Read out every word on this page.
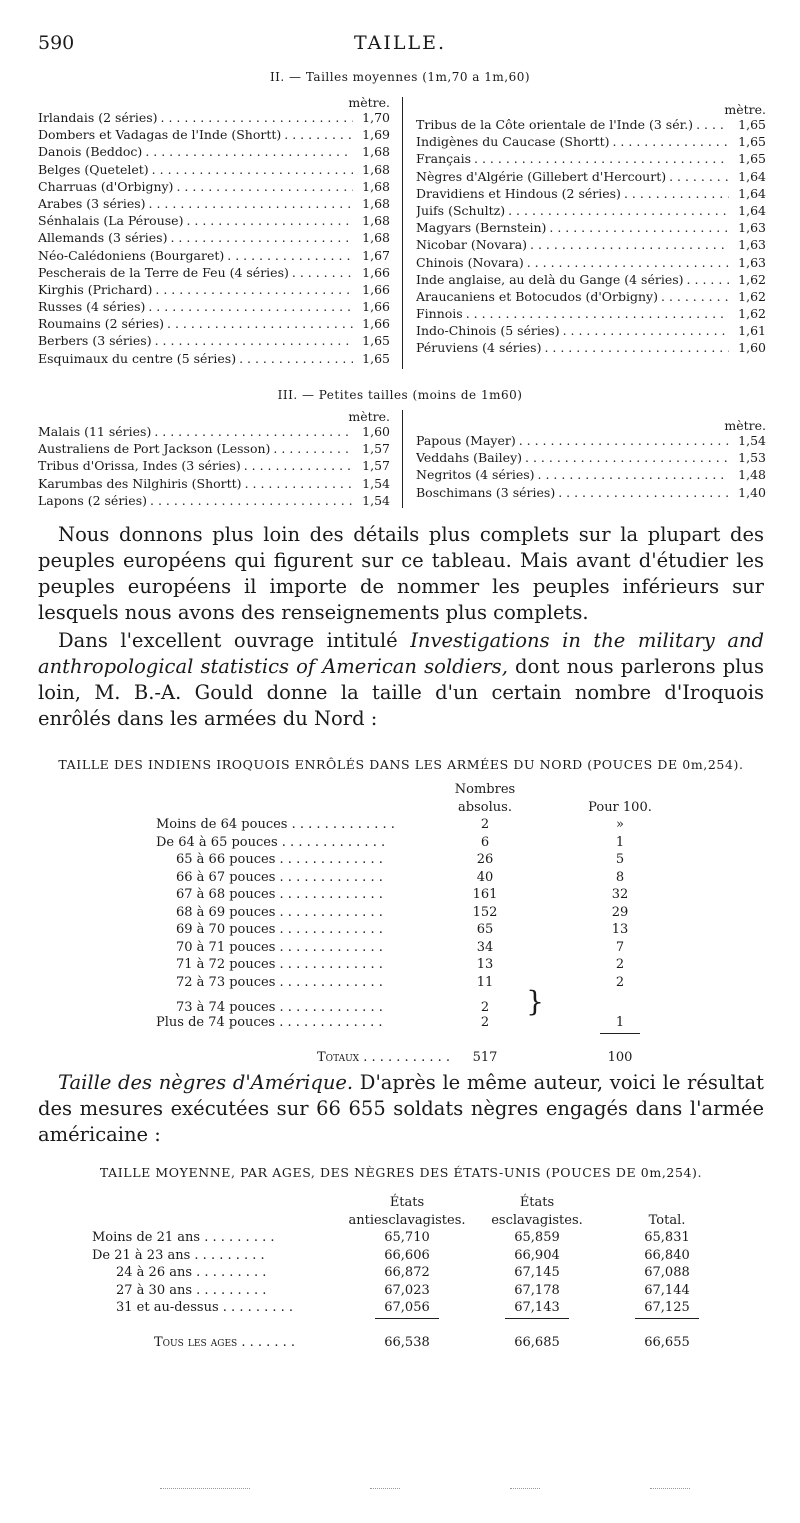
590	TAILLE.
II. — Tailles moyennes (1m,70 a 1m,60)
mètre.
Irlandais (2 séries) . . .	1,70
Dombers et Vadagas de l'Inde (Shortt) . . .	1,69
Danois (Beddoc) . . .	1,68
Belges (Quetelet) . . .	1,68
Charruas (d'Orbigny) . . .	1,68
Arabes (3 séries) . . .	1,68
Sénhalais (La Pérouse) . . .	1,68
Allemands (3 séries) . . .	1,68
Néo-Calédoniens (Bourgaret) . . .	1,67
Pescherais de la Terre de Feu (4 séries) . . .	1,66
Kirghis (Prichard) . . .	1,66
Russes (4 séries) . . .	1,66
Roumains (2 séries) . . .	1,66
Berbers (3 séries) . . .	1,65
Esquimaux du centre (5 séries) . . .	1,65
mètre.
Tribus de la Côte orientale de l'Inde (3 sér.) . . .	1,65
Indigènes du Caucase (Shortt) . . .	1,65
Français . . .	1,65
Nègres d'Algérie (Gillebert d'Hercourt) . . .	1,64
Dravidiens et Hindous (2 séries) . . .	1,64
Juifs (Schultz) . . .	1,64
Magyars (Bernstein) . . .	1,63
Nicobar (Novara) . . .	1,63
Chinois (Novara) . . .	1,63
Inde anglaise, au delà du Gange (4 séries) . . .	1,62
Araucaniens et Botocudos (d'Orbigny) . . .	1,62
Finnois . . .	1,62
Indo-Chinois (5 séries) . . .	1,61
Péruviens (4 séries) . . .	1,60
III. — Petites tailles (moins de 1m60)
mètre.
Malais (11 séries) . . .	1,60
Australiens de Port Jackson (Lesson) . . .	1,57
Tribus d'Orissa, Indes (3 séries) . . .	1,57
Karumbas des Nilghiris (Shortt) . . .	1,54
Lapons (2 séries) . . .	1,54
mètre.
Papous (Mayer) . . .	1,54
Veddahs (Bailey) . . .	1,53
Negritos (4 séries) . . .	1,48
Boschimans (3 séries) . . .	1,40

Nous donnons plus loin des détails plus complets sur la plupart des peuples européens qui figurent sur ce tableau. Mais avant d'étudier les peuples européens il importe de nommer les peuples inférieurs sur lesquels nous avons des renseignements plus complets.

Dans l'excellent ouvrage intitulé Investigations in the military and anthropological statistics of American soldiers, dont nous parlerons plus loin, M. B.-A. Gould donne la taille d'un certain nombre d'Iroquois enrôlés dans les armées du Nord :

TAILLE DES INDIENS IROQUOIS ENRÔLÉS DANS LES ARMÉES DU NORD (POUCES DE 0m,254).
	Nombres		
	absolus.		Pour 100.
Moins de 64 pouces . . . . . . . . . . . . .	2		»
De 64 à 65 pouces . . . . . . . . . . . . .	6		1
65 à 66 pouces . . . . . . . . . . . . .	26		5
66 à 67 pouces . . . . . . . . . . . . .	40		8
67 à 68 pouces . . . . . . . . . . . . .	161		32
68 à 69 pouces . . . . . . . . . . . . .	152		29
69 à 70 pouces . . . . . . . . . . . . .	65		13
70 à 71 pouces . . . . . . . . . . . . .	34		7
71 à 72 pouces . . . . . . . . . . . . .	13		2
72 à 73 pouces . . . . . . . . . . . . .	11		2
73 à 74 pouces . . . . . . . . . . . . .	2	}	
Plus de 74 pouces . . . . . . . . . . . . .	2		1

Totaux . . . . . . . . . . .	517		100

Taille des nègres d'Amérique. D'après le même auteur, voici le résultat des mesures exécutées sur 66 655 soldats nègres engagés dans l'armée américaine :

TAILLE MOYENNE, PAR AGES, DES NÈGRES DES ÉTATS-UNIS (POUCES DE 0m,254).
	États	États	
	antiesclavagistes.	esclavagistes.	Total.
Moins de 21 ans . . . . . . . . .	65,710	65,859	65,831
De 21 à 23 ans . . . . . . . . .	66,606	66,904	66,840
24 à 26 ans . . . . . . . . .	66,872	67,145	67,088
27 à 30 ans . . . . . . . . .	67,023	67,178	67,144
31 et au-dessus . . . . . . . . .	67,056	67,143	67,125

Tous les ages . . . . . . .	66,538	66,685	66,655
